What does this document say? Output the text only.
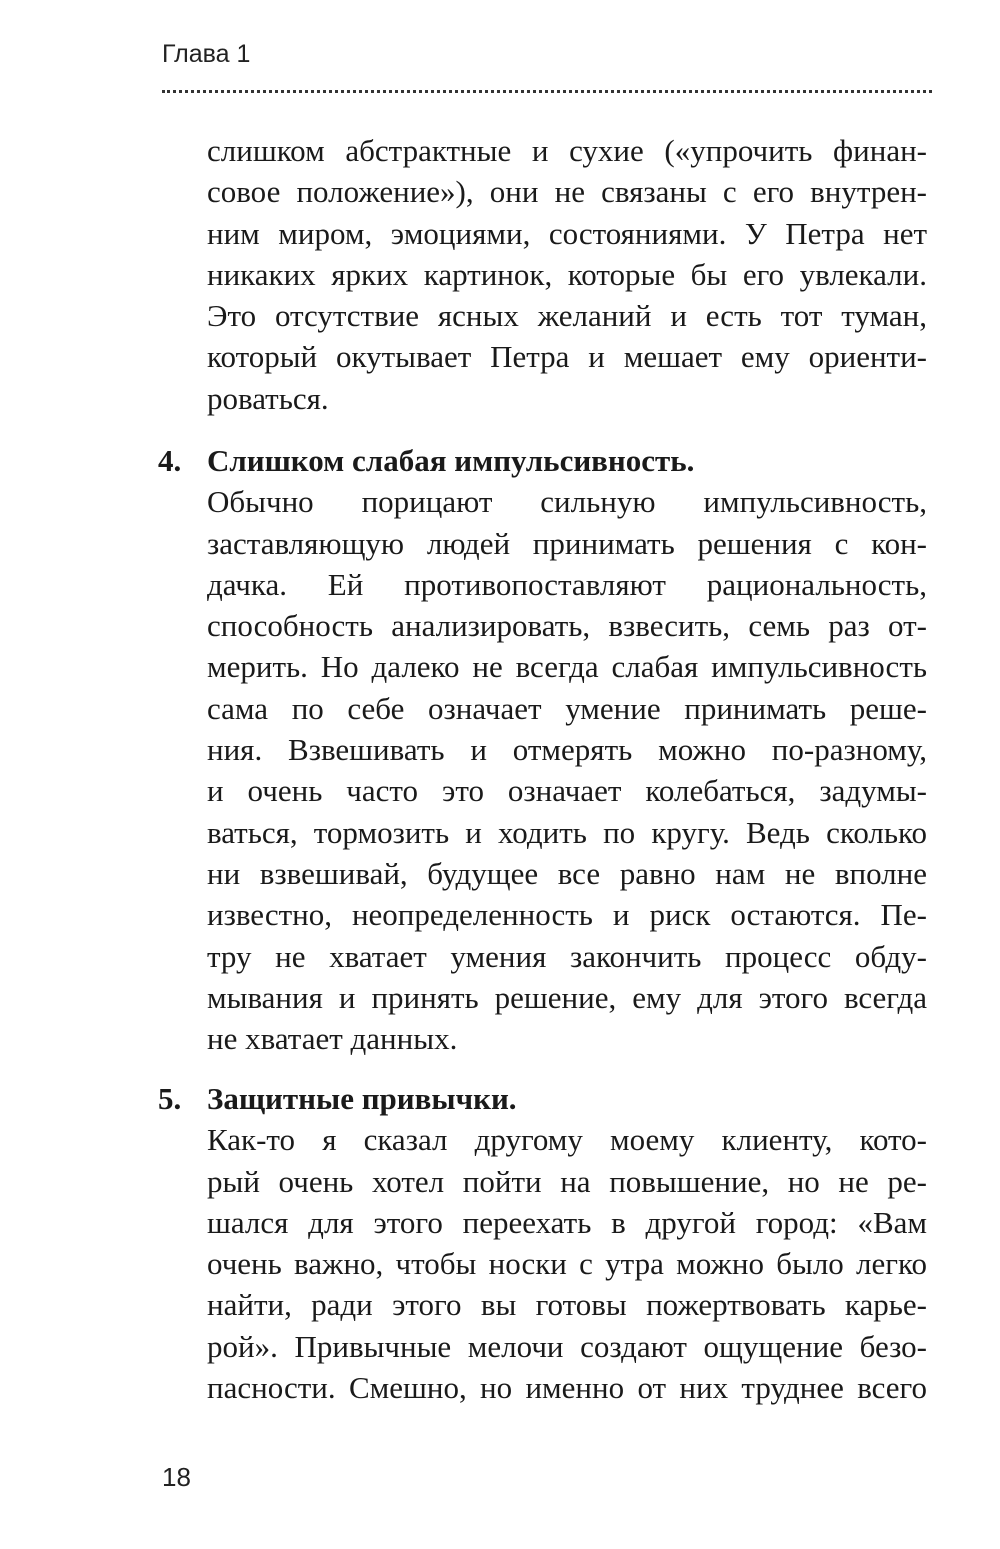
Глава 1
слишком абстрактные и сухие («упрочить финан-
совое положение»), они не связаны с его внутрен-
ним миром, эмоциями, состояниями. У Петра нет
никаких ярких картинок, которые бы его увлекали.
Это отсутствие ясных желаний и есть тот туман,
который окутывает Петра и мешает ему ориенти-
роваться.
4. Слишком слабая импульсивность.
Обычно порицают сильную импульсивность,
заставляющую людей принимать решения с кон-
дачка. Ей противопоставляют рациональность,
способность анализировать, взвесить, семь раз от-
мерить. Но далеко не всегда слабая импульсивность
сама по себе означает умение принимать реше-
ния. Взвешивать и отмерять можно по-разному,
и очень часто это означает колебаться, задумы-
ваться, тормозить и ходить по кругу. Ведь сколько
ни взвешивай, будущее все равно нам не вполне
известно, неопределенность и риск остаются. Пе-
тру не хватает умения закончить процесс обду-
мывания и принять решение, ему для этого всегда
не хватает данных.
5. Защитные привычки.
Как-то я сказал другому моему клиенту, кото-
рый очень хотел пойти на повышение, но не ре-
шался для этого переехать в другой город: «Вам
очень важно, чтобы носки с утра можно было легко
найти, ради этого вы готовы пожертвовать карье-
рой». Привычные мелочи создают ощущение безо-
пасности. Смешно, но именно от них труднее всего
18
